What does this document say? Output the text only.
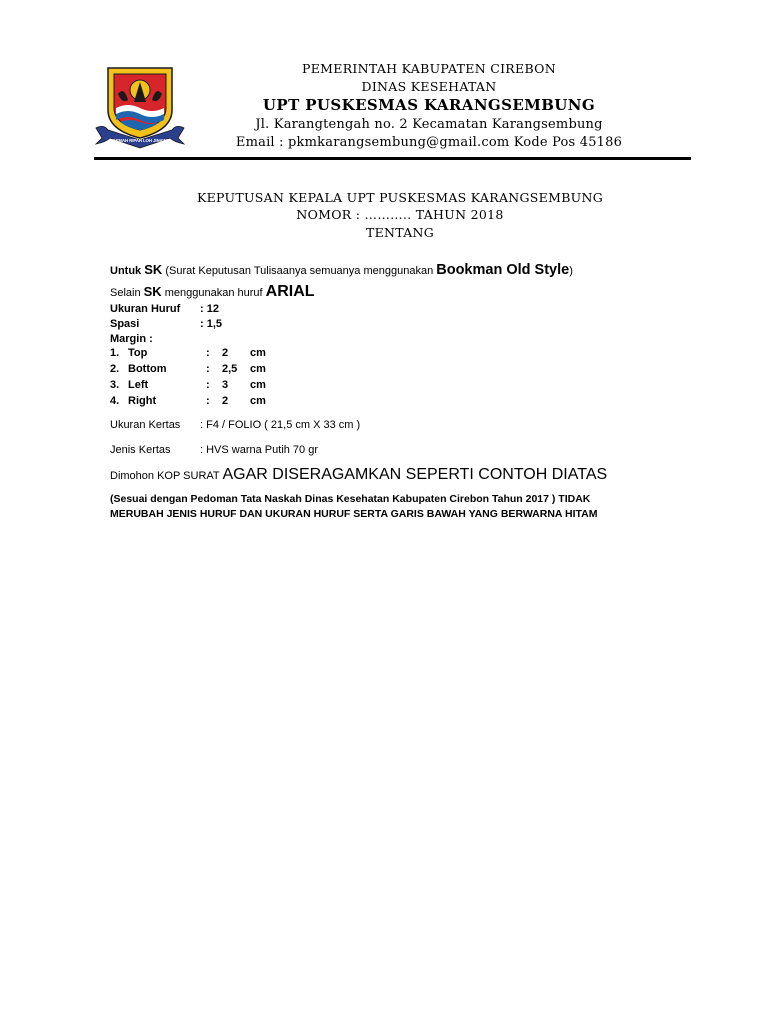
GEMAH RIPAH LOH JINAWI
PEMERINTAH KABUPATEN CIREBON
DINAS KESEHATAN
UPT PUSKESMAS KARANGSEMBUNG
Jl. Karangtengah no. 2 Kecamatan Karangsembung
Email : pkmkarangsembung@gmail.com Kode Pos 45186
KEPUTUSAN KEPALA UPT PUSKESMAS KARANGSEMBUNG
NOMOR : ……….. TAHUN 2018
TENTANG
Untuk SK (Surat Keputusan Tulisaanya semuanya menggunakan Bookman Old Style)
Selain SK menggunakan huruf ARIAL
Ukuran Huruf : 12
Spasi	: 1,5
Margin :
1. Top	: 2 cm
2. Bottom	: 2,5 cm
3. Left	: 3 cm
4. Right	: 2 cm
Ukuran Kertas : F4 / FOLIO ( 21,5 cm X 33 cm )
Jenis Kertas	: HVS warna Putih 70 gr
Dimohon KOP SURAT AGAR DISERAGAMKAN SEPERTI CONTOH DIATAS
(Sesuai dengan Pedoman Tata Naskah Dinas Kesehatan Kabupaten Cirebon Tahun 2017 ) TIDAK
MERUBAH JENIS HURUF DAN UKURAN HURUF SERTA GARIS BAWAH YANG BERWARNA HITAM
